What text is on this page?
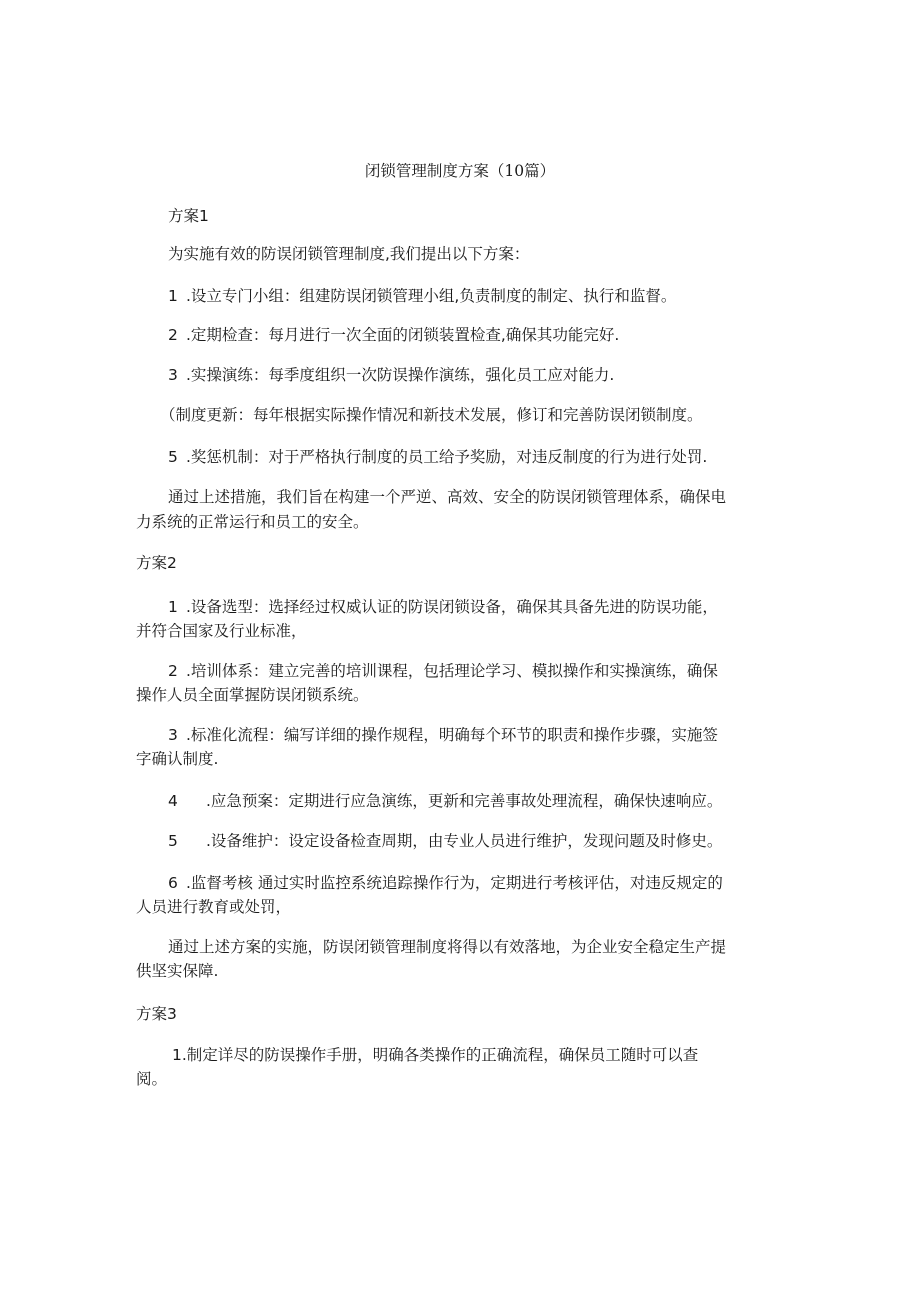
闭锁管理制度方案（10篇）
方案1
为实施有效的防误闭锁管理制度,我们提出以下方案：
1 .设立专门小组：组建防误闭锁管理小组,负责制度的制定、执行和监督。
2 .定期检查：每月进行一次全面的闭锁装置检查,确保其功能完好.
3 .实操演练：每季度组织一次防误操作演练，强化员工应对能力.
（制度更新：每年根据实际操作情况和新技术发展，修订和完善防误闭锁制度。
5 .奖惩机制：对于严格执行制度的员工给予奖励，对违反制度的行为进行处罚.
通过上述措施，我们旨在构建一个严逆、高效、安全的防误闭锁管理体系，确保电
力系统的正常运行和员工的安全。
方案2
1 .设备选型：选择经过权威认证的防误闭锁设备，确保其具备先进的防误功能，
并符合国家及行业标准，
2 .培训体系：建立完善的培训课程，包括理论学习、模拟操作和实操演练，确保
操作人员全面掌握防误闭锁系统。
3 .标准化流程：编写详细的操作规程，明确每个环节的职责和操作步骤，实施签
字确认制度.
4 .应急预案：定期进行应急演练，更新和完善事故处理流程，确保快速响应。
5 .设备维护：设定设备检查周期，由专业人员进行维护，发现问题及时修史。
6 .监督考核 通过实时监控系统追踪操作行为，定期进行考核评估，对违反规定的
人员进行教育或处罚，
通过上述方案的实施，防误闭锁管理制度将得以有效落地，为企业安全稳定生产提
供坚实保障.
方案3
1.制定详尽的防误操作手册，明确各类操作的正确流程，确保员工随时可以查
阅。
